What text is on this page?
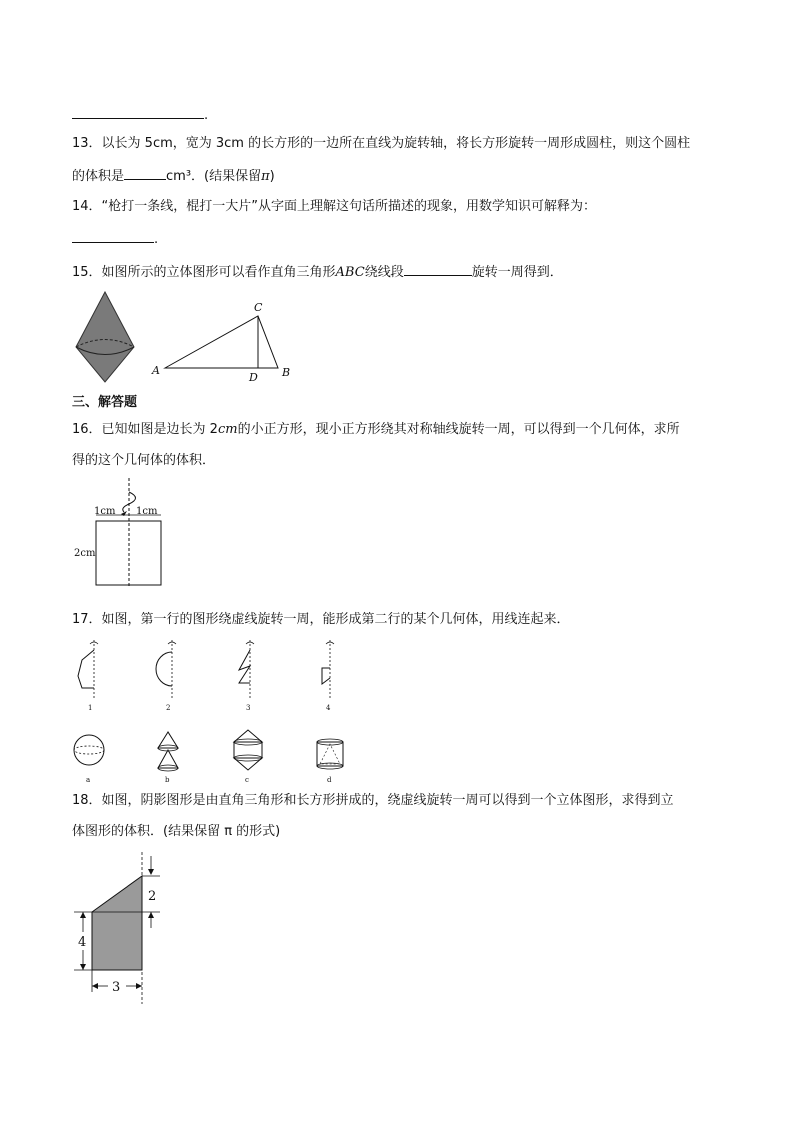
.
13．以长为 5cm，宽为 3cm 的长方形的一边所在直线为旋转轴，将长方形旋转一周形成圆柱，则这个圆柱
的体积是	cm³．(结果保留π)
14．“枪打一条线，棍打一大片”从字面上理解这句话所描述的现象，用数学知识可解释为：
.
15．如图所示的立体图形可以看作直角三角形ABC绕线段	旋转一周得到．
A
C
D B
三、解答题
16．已知如图是边长为 2cm的小正方形，现小正方形绕其对称轴线旋转一周，可以得到一个几何体，求所
得的这个几何体的体积．
1cm 1cm
2cm
17．如图，第一行的图形绕虚线旋转一周，能形成第二行的某个几何体，用线连起来．
1	2	3	4
a	b	c	d
18．如图，阴影图形是由直角三角形和长方形拼成的，绕虚线旋转一周可以得到一个立体图形，求得到立
体图形的体积．(结果保留 π 的形式)
2
4
3
